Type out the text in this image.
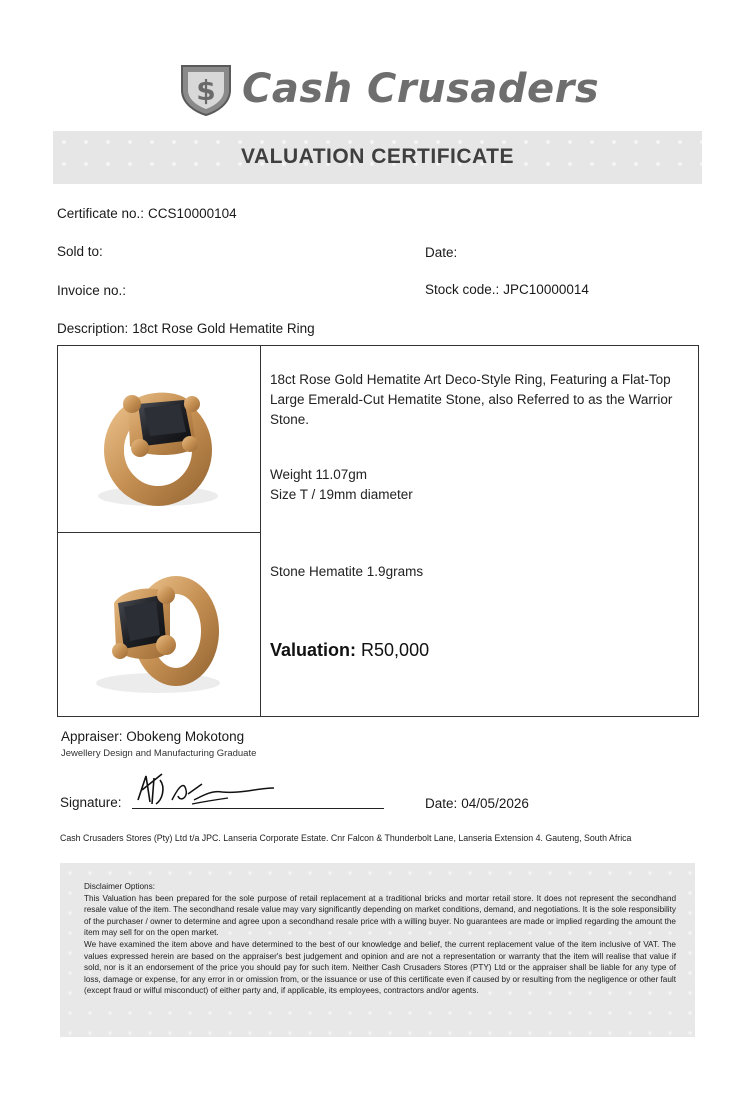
$ Cash Crusaders
VALUATION CERTIFICATE
Certificate no.: CCS10000104
Sold to:	Date:
Invoice no.:	Stock code.: JPC10000014
Description: 18ct Rose Gold Hematite Ring
18ct Rose Gold Hematite Art Deco-Style Ring, Featuring a Flat-Top Large Emerald-Cut Hematite Stone, also Referred to as the Warrior Stone.
Weight 11.07gm
Size T / 19mm diameter
Stone Hematite 1.9grams
Valuation: R50,000
Appraiser: Obokeng Mokotong
Jewellery Design and Manufacturing Graduate
Signature:	Date: 04/05/2026
Cash Crusaders Stores (Pty) Ltd t/a JPC. Lanseria Corporate Estate. Cnr Falcon & Thunderbolt Lane, Lanseria Extension 4. Gauteng, South Africa

Disclaimer Options:

This Valuation has been prepared for the sole purpose of retail replacement at a traditional bricks and mortar retail store. It does not represent the secondhand resale value of the item. The secondhand resale value may vary significantly depending on market conditions, demand, and negotiations. It is the sole responsibility of the purchaser / owner to determine and agree upon a secondhand resale price with a willing buyer. No guarantees are made or implied regarding the amount the item may sell for on the open market.

We have examined the item above and have determined to the best of our knowledge and belief, the current replacement value of the item inclusive of VAT. The values expressed herein are based on the appraiser's best judgement and opinion and are not a representation or warranty that the item will realise that value if sold, nor is it an endorsement of the price you should pay for such item. Neither Cash Crusaders Stores (PTY) Ltd or the appraiser shall be liable for any type of loss, damage or expense, for any error in or omission from, or the issuance or use of this certificate even if caused by or resulting from the negligence or other fault (except fraud or wilful misconduct) of either party and, if applicable, its employees, contractors and/or agents.
